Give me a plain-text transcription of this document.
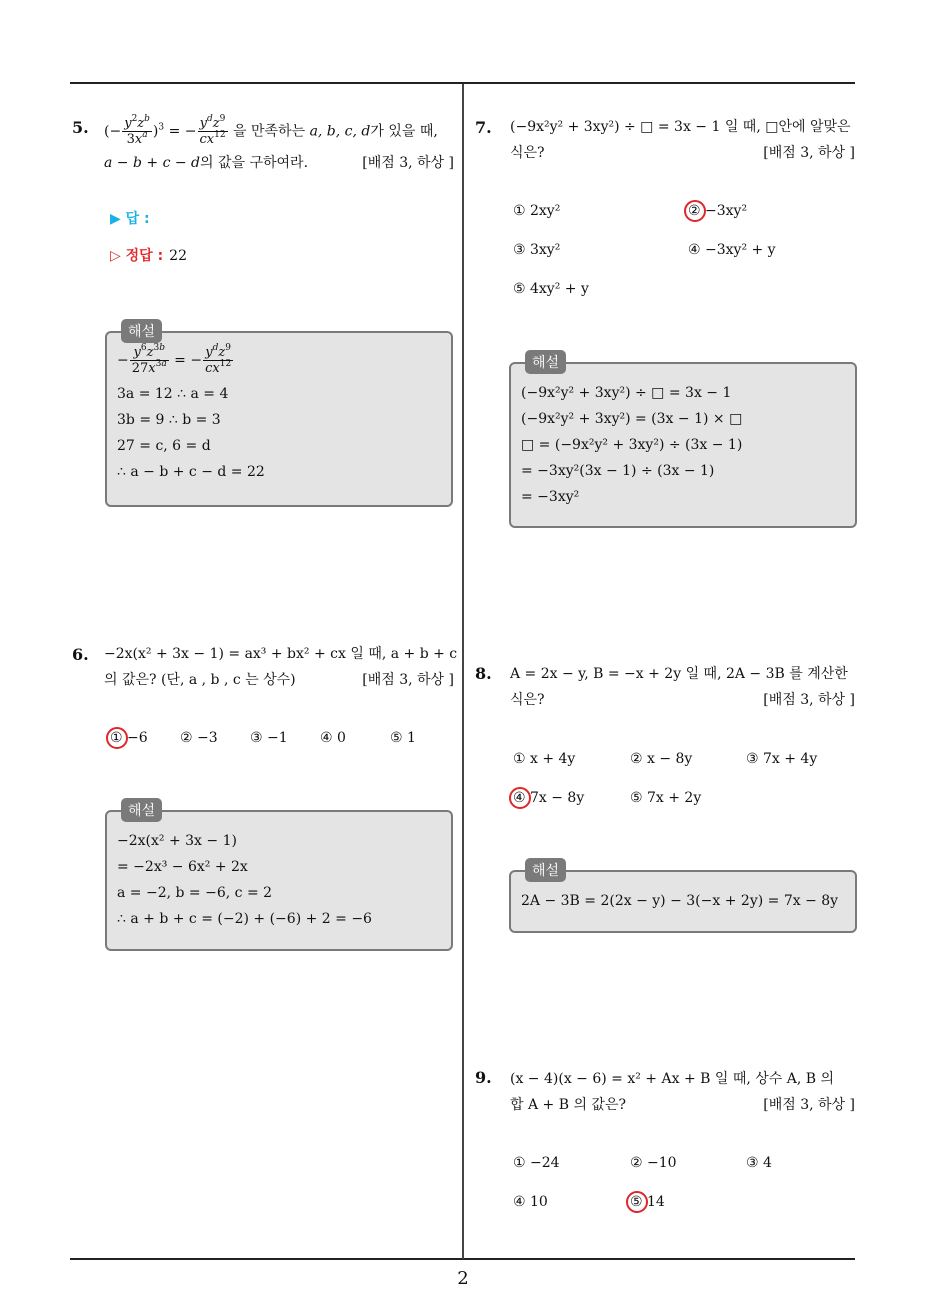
2
5. (− $\frac{y^2z^b}{3x^a} )^3$ = − $\frac{y^dz^9}{cx^{12}}$ 을 만족하는 a, b, c, d가 있을 때,
a − b + c − d의 값을 구하여라.	[배점 3, 하상 ]
▶ 답 :
▷ 정답 : 22
해설
− $\frac{y^6z^{3b}}{27x^{3a}}$ = − $\frac{y^dz^9}{cx^{12}}$
3a = 12 ∴ a = 4
3b = 9 ∴ b = 3
27 = c, 6 = d
∴ a − b + c − d = 22
6. −2x(x² + 3x − 1) = ax³ + bx² + cx 일 때, a + b + c
의 값은? (단, a , b , c 는 상수)	[배점 3, 하상 ]
① −6 ② −3 ③ −1 ④ 0	⑤ 1
해설
−2x(x² + 3x − 1)
= −2x³ − 6x² + 2x
a = −2, b = −6, c = 2
∴ a + b + c = (−2) + (−6) + 2 = −6
7. (−9x²y² + 3xy²) ÷ □ = 3x − 1 일 때, □안에 알맞은
식은?	[배점 3, 하상 ]
① 2xy²	② −3xy²
③ 3xy²	④ −3xy² + y
⑤ 4xy² + y
해설
(−9x²y² + 3xy²) ÷ □ = 3x − 1
(−9x²y² + 3xy²) = (3x − 1) × □
□ = (−9x²y² + 3xy²) ÷ (3x − 1)
= −3xy²(3x − 1) ÷ (3x − 1)
= −3xy²
8. A = 2x − y, B = −x + 2y 일 때, 2A − 3B 를 계산한
식은?	[배점 3, 하상 ]
① x + 4y	② x − 8y	③ 7x + 4y
④ 7x − 8y	⑤ 7x + 2y
해설
2A − 3B = 2(2x − y) − 3(−x + 2y) = 7x − 8y
9. (x − 4)(x − 6) = x² + Ax + B 일 때, 상수 A, B 의
합 A + B 의 값은?	[배점 3, 하상 ]
① −24	② −10	③ 4
④ 10	⑤ 14
